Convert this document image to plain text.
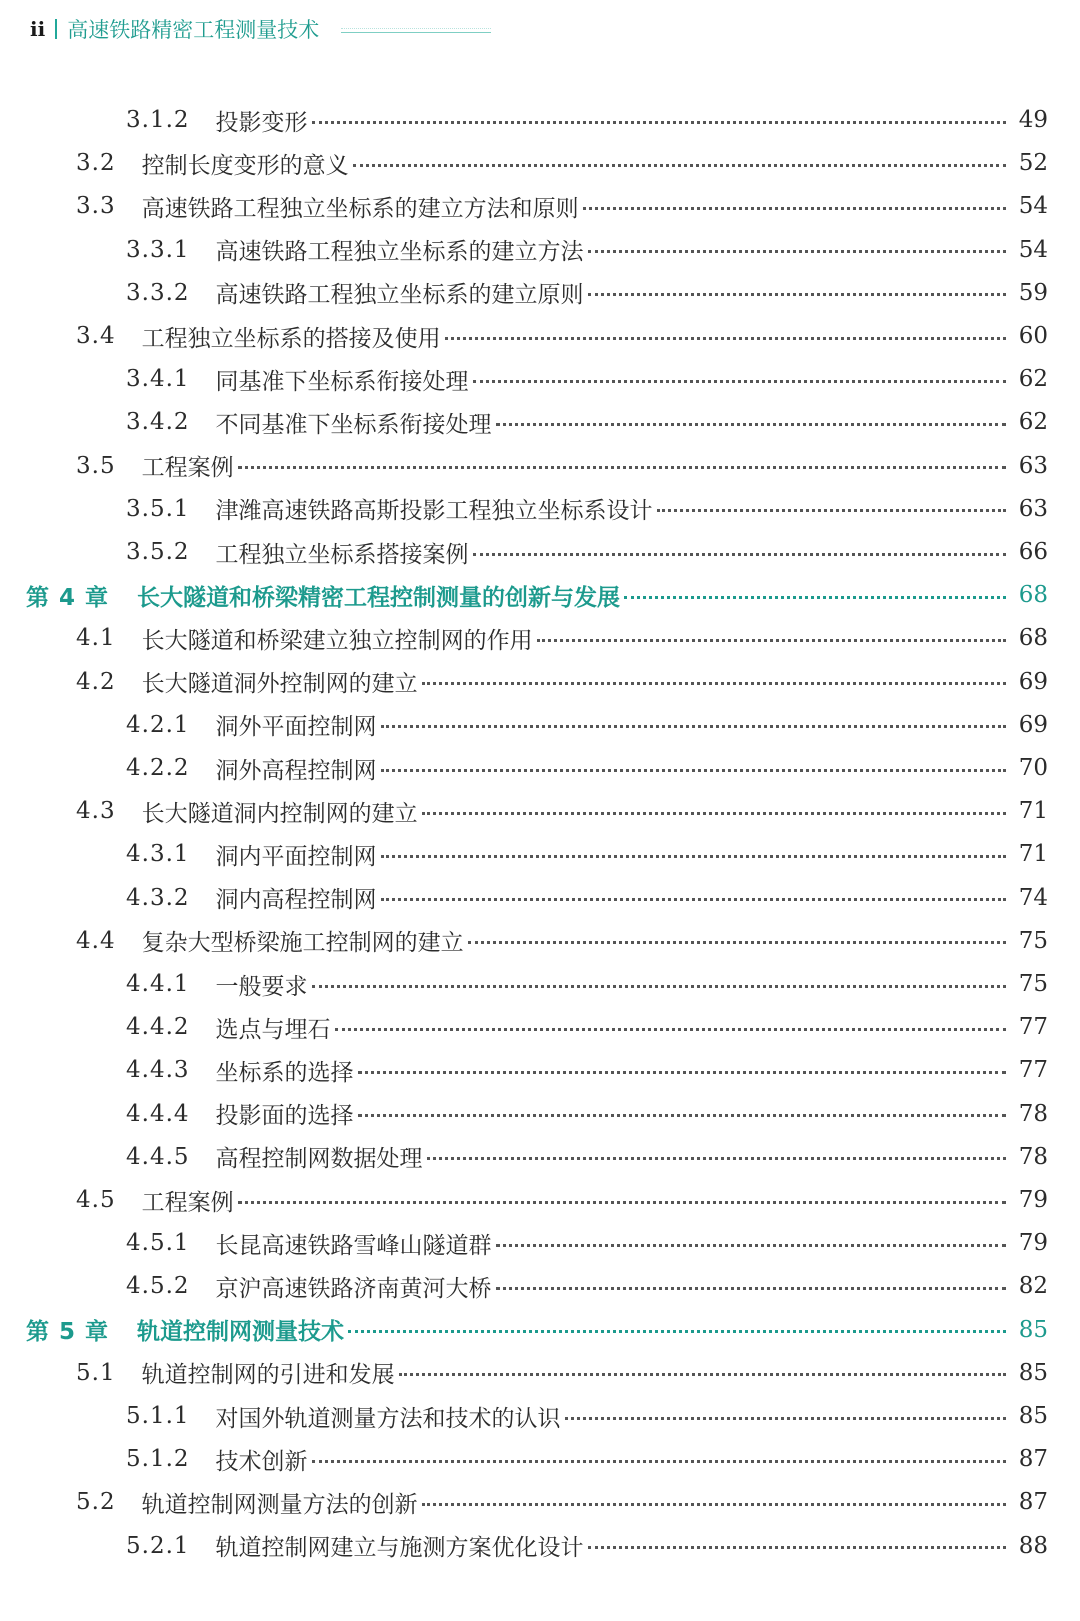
ii 高速铁路精密工程测量技术
3.1.2 投影变形	49
3.2 控制长度变形的意义	52
3.3 高速铁路工程独立坐标系的建立方法和原则	54
3.3.1 高速铁路工程独立坐标系的建立方法	54
3.3.2 高速铁路工程独立坐标系的建立原则	59
3.4 工程独立坐标系的搭接及使用	60
3.4.1 同基准下坐标系衔接处理	62
3.4.2 不同基准下坐标系衔接处理	62
3.5 工程案例	63
3.5.1 津潍高速铁路高斯投影工程独立坐标系设计	63
3.5.2 工程独立坐标系搭接案例	66
第 4 章 长大隧道和桥梁精密工程控制测量的创新与发展	68
4.1 长大隧道和桥梁建立独立控制网的作用	68
4.2 长大隧道洞外控制网的建立	69
4.2.1 洞外平面控制网	69
4.2.2 洞外高程控制网	70
4.3 长大隧道洞内控制网的建立	71
4.3.1 洞内平面控制网	71
4.3.2 洞内高程控制网	74
4.4 复杂大型桥梁施工控制网的建立	75
4.4.1 一般要求	75
4.4.2 选点与埋石	77
4.4.3 坐标系的选择	77
4.4.4 投影面的选择	78
4.4.5 高程控制网数据处理	78
4.5 工程案例	79
4.5.1 长昆高速铁路雪峰山隧道群	79
4.5.2 京沪高速铁路济南黄河大桥	82
第 5 章 轨道控制网测量技术	85
5.1 轨道控制网的引进和发展	85
5.1.1 对国外轨道测量方法和技术的认识	85
5.1.2 技术创新	87
5.2 轨道控制网测量方法的创新	87
5.2.1 轨道控制网建立与施测方案优化设计	88
